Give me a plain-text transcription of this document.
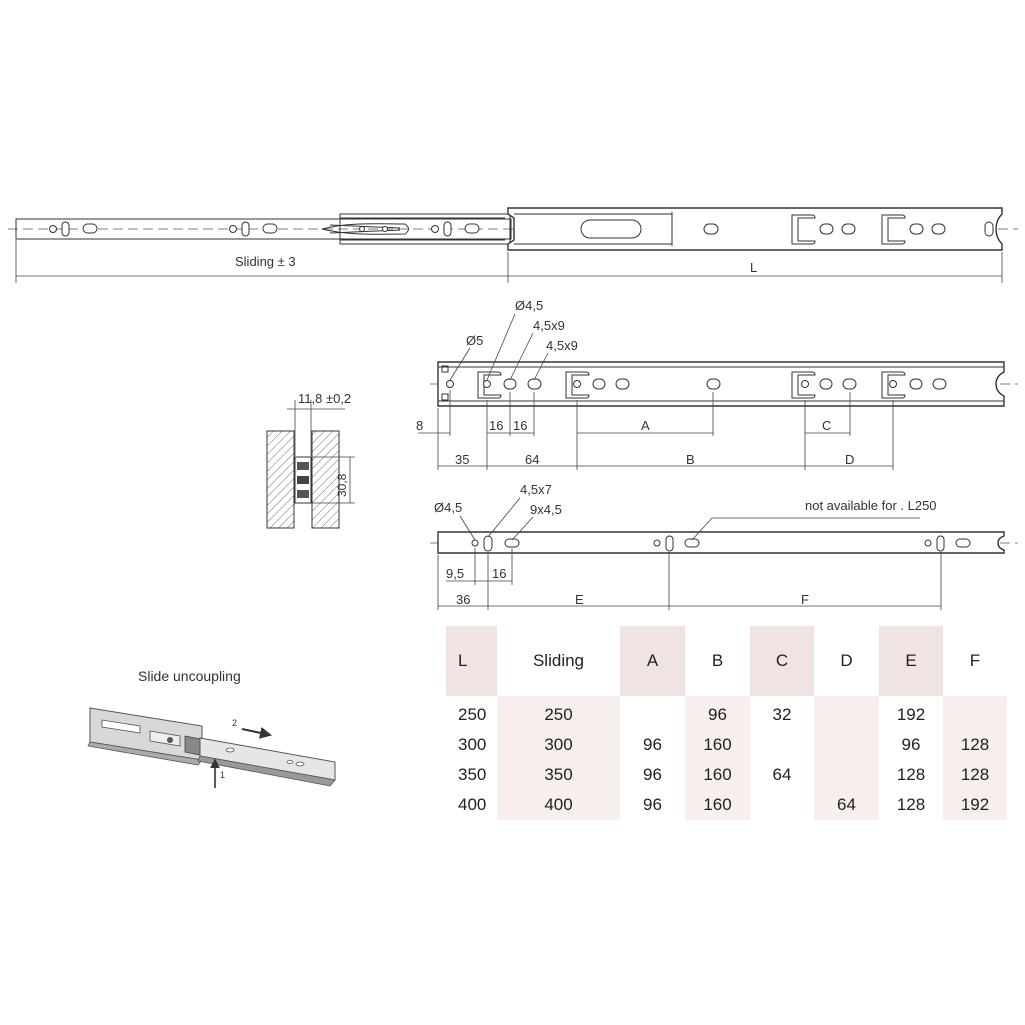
Sliding ± 3	L
Ø5
Ø4,5
4,5x9
4,5x9
8	16 16
35	64
A
B
C
D
11,8 ±0,2
30,8
Ø4,5
4,5x7
9x4,5	not available for . L250
9,5 16
36	E	F
Slide uncoupling
2
1
L	Sliding	A	B	C	D	E	F
250	250		96	32		192	
300	300	96	160			96	128
350	350	96	160	64		128	128
400	400	96	160		64	128	192
